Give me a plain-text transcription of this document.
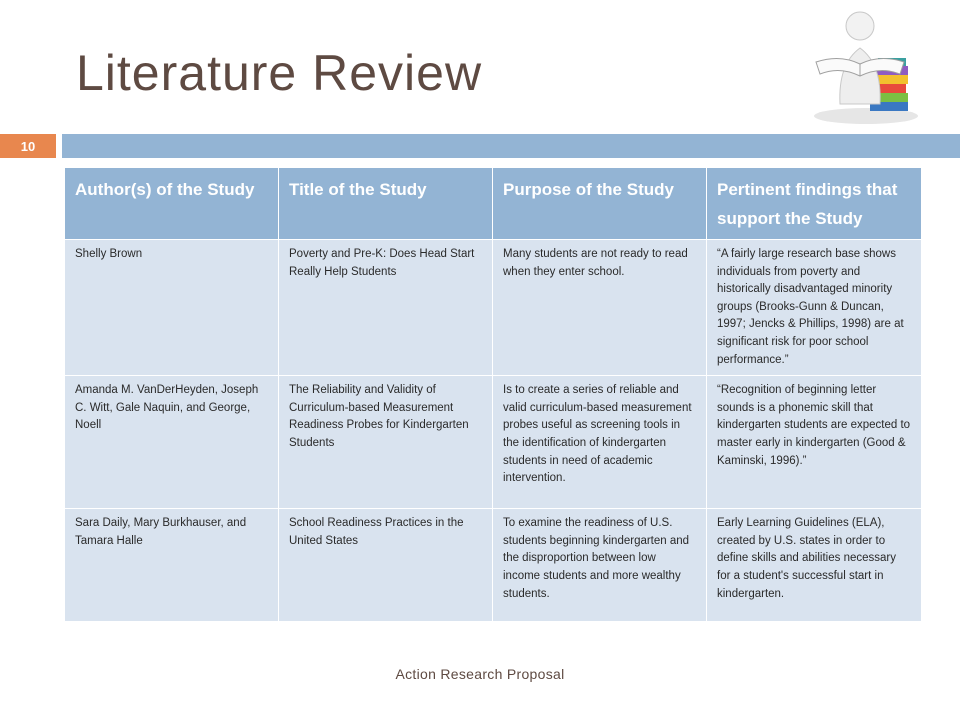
Literature Review
10
Author(s) of the Study	Title of the Study	Purpose of the Study	Pertinent findings that support the Study
Shelly Brown	Poverty and Pre-K: Does Head Start Really Help Students	Many students are not ready to read when they enter school.	“A fairly large research base shows individuals from poverty and historically disadvantaged minority groups (Brooks-Gunn & Duncan, 1997; Jencks & Phillips, 1998) are at significant risk for poor school performance.”
Amanda M. VanDerHeyden, Joseph C. Witt, Gale Naquin, and George, Noell	The Reliability and Validity of Curriculum-based Measurement Readiness Probes for Kindergarten Students	Is to create a series of reliable and valid curriculum-based measurement probes useful as screening tools in the identification of kindergarten students in need of academic intervention.	“Recognition of beginning letter sounds is a phonemic skill that kindergarten students are expected to master early in kindergarten (Good & Kaminski, 1996).”
Sara Daily, Mary Burkhauser, and Tamara Halle	School Readiness Practices in the United States	To examine the readiness of U.S. students beginning kindergarten and the disproportion between low income students and more wealthy students.	Early Learning Guidelines (ELA), created by U.S. states in order to define skills and abilities necessary for a student's successful start in kindergarten.
Action Research Proposal
